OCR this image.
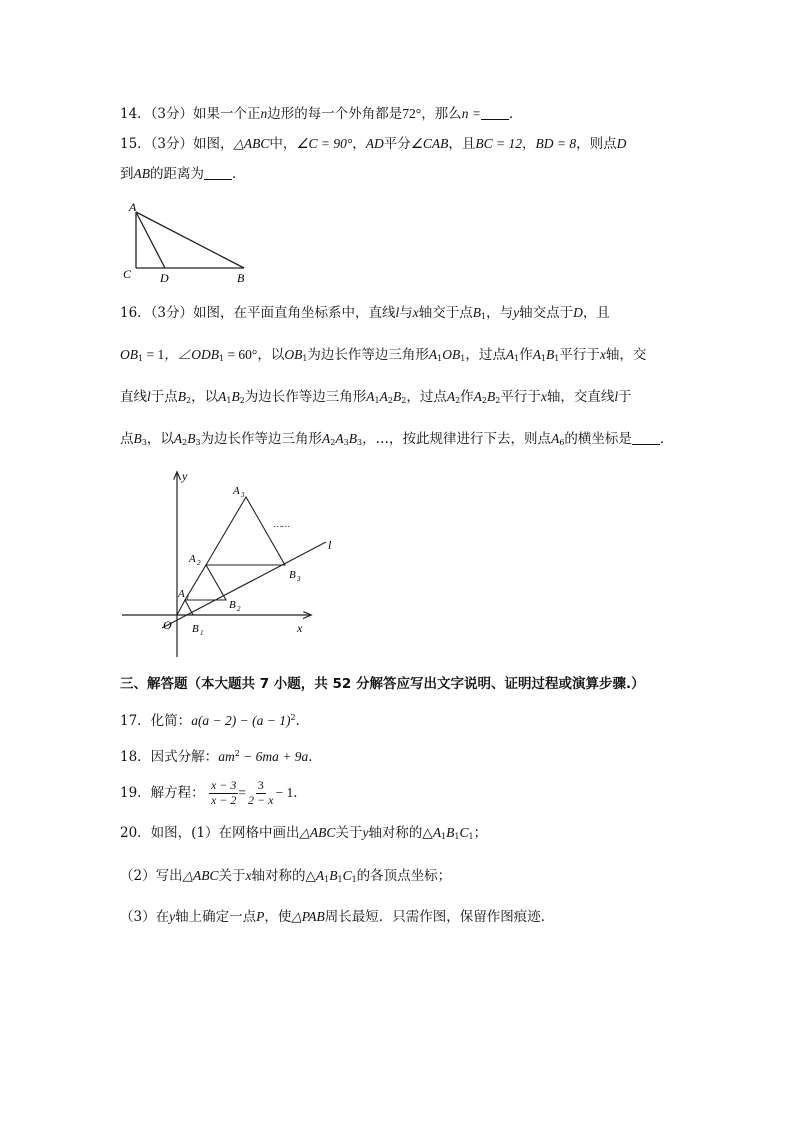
14．（3分）如果一个正n边形的每一个外角都是72°，那么n = ．
15．（3分）如图，△ABC中，∠C = 90°，AD平分∠CAB，且BC = 12，BD = 8，则点D
到AB的距离为 ．
A
C D	B
16．（3分）如图，在平面直角坐标系中，直线l与x轴交于点$B_1$，与y轴交点于D，且
$OB_1 = 1$，$\angle ODB_1 = 60^\circ$，以$OB_1$为边长作等边三角形$A_1OB_1$，过点$A_1$作$A_1B_1$平行于x轴，交
直线l于点$B_2$，以$A_1B_2$为边长作等边三角形$A_1A_2B_2$，过点$A_2$作$A_2B_2$平行于x轴，交直线l于
点$B_3$，以$A_2B_3$为边长作等边三角形$A_2A_3B_3$，…，按此规律进行下去，则点$A_6$的横坐标是 ．
y
x
l
O
A 1
A 2
A 3
B 1
B 2
B 3
……
三、解答题（本大题共 7 小题，共 52 分解答应写出文字说明、证明过程或演算步骤.）
17．化简：$a(a - 2) - (a - 1)^2$．
18．因式分解：$am^2 - 6ma + 9a$．
19．解方程： $\frac{x - 3}{x - 2} = \frac{3}{2 - x} - 1$．
20．如图，(1）在网格中画出△ABC关于y轴对称的$\triangle A_1B_1C_1$；
（2）写出△ABC关于x轴对称的$\triangle A_1B_1C_1$的各顶点坐标；
（3）在y轴上确定一点P，使△PAB周长最短．只需作图，保留作图痕迹．
